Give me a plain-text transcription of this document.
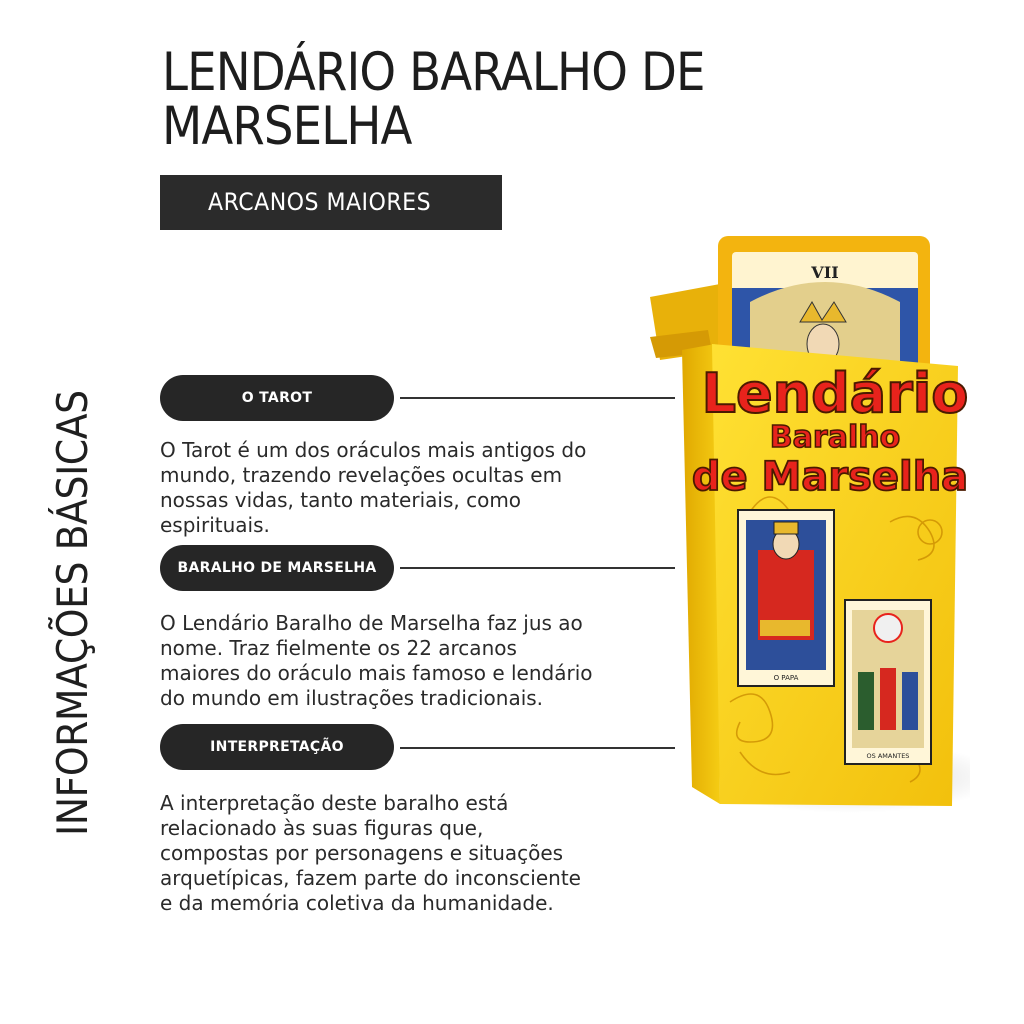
LENDÁRIO BARALHO DE
MARSELHA
ARCANOS MAIORES
INFORMAÇÕES BÁSICAS	O TAROT
O Tarot é um dos oráculos mais antigos do
mundo, trazendo revelações ocultas em
nossas vidas, tanto materiais, como
espirituais.
BARALHO DE MARSELHA
O Lendário Baralho de Marselha faz jus ao
nome. Traz fielmente os 22 arcanos
maiores do oráculo mais famoso e lendário
do mundo em ilustrações tradicionais.
INTERPRETAÇÃO
A interpretação deste baralho está
relacionado às suas figuras que,
compostas por personagens e situações
arquetípicas, fazem parte do inconsciente
e da memória coletiva da humanidade.
VII
Lendário
Baralho
de Marselha
O PAPA
OS AMANTES
